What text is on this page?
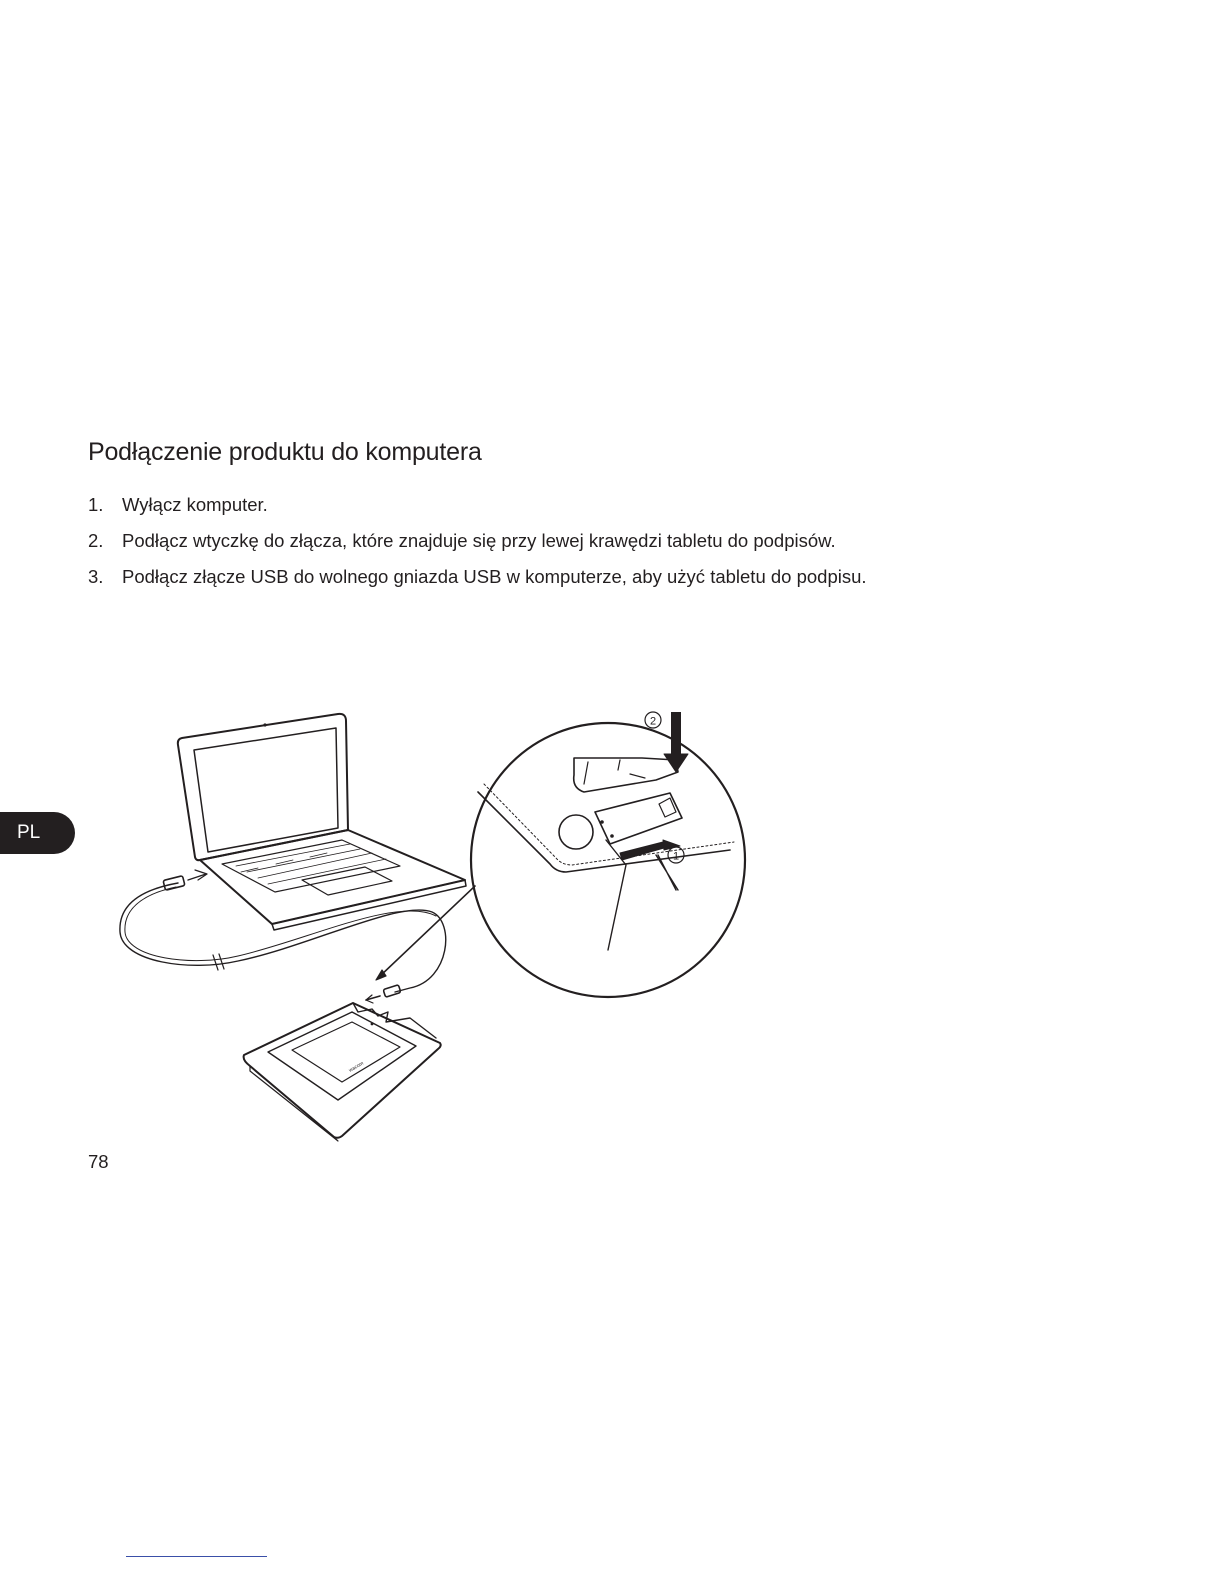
Podłączenie produktu do komputera
1. Wyłącz komputer.
2. Podłącz wtyczkę do złącza, które znajduje się przy lewej krawędzi tabletu do podpisów.
3. Podłącz złącze USB do wolnego gniazda USB w komputerze, aby użyć tabletu do podpisu.
PL
wacom
2
1
78
